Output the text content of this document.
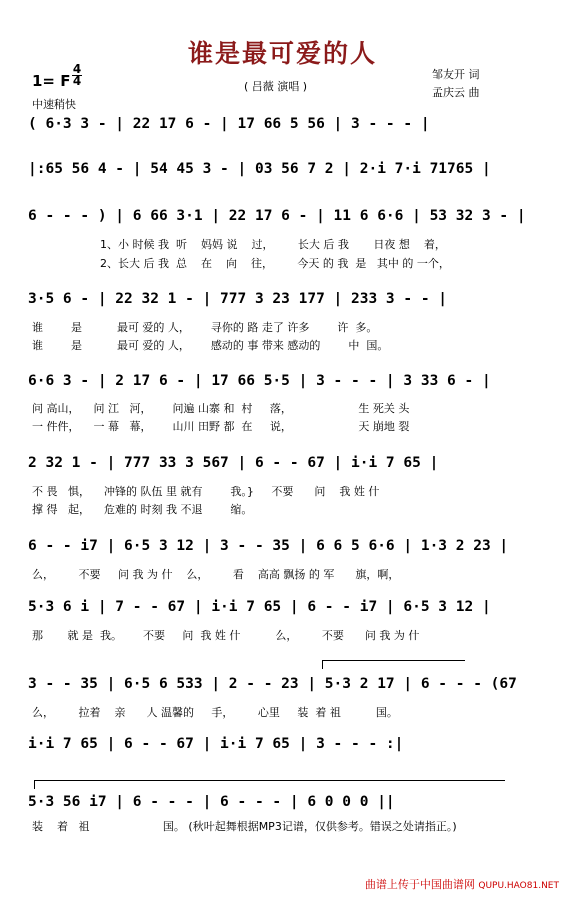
谁是最可爱的人
( 吕薇 演唱 )
邹友开 词
孟庆云 曲
1= F
4
4
中速稍快
( 6·3 3 - | 22 17 6 - | 17 66 5 56 | 3 - - - |
|:65 56 4 - | 54 45 3 - | 03 56 7 2 | 2·i 7·i 71765 |
6 - - - ) | 6 66 3·1 | 22 17 6 - | 11 6 6·6 | 53 32 3 - |
1、小 时候 我  听    妈妈 说    过，       长大 后 我       日夜 想    着，
2、长大 后 我  总    在    向    往，       今天 的 我  是   其中 的 一个，
3·5 6 - | 22 32 1 - | 777 3 23 177 | 233 3 - - |
谁        是          最可 爱的 人，      寻你的 路 走了 许多        许  多。
谁        是          最可 爱的 人，      感动的 事 带来 感动的        中  国。
6·6 3 - | 2 17 6 - | 17 66 5·5 | 3 - - - | 3 33 6 - |
问 高山，    问 江   河，      问遍 山寨 和  村     落，                   生 死关 头
一 件件，    一 幕   幕，      山川 田野 都  在     说，                   天 崩地 裂
2 32 1 - | 777 33 3 567 | 6 - - 67 | i·i 7 65 |
不 畏   惧，    冲锋的 队伍 里 就有        我。}     不要      问    我 姓 什
撑 得   起，    危难的 时刻 我 不退        缩。
6 - - i7 | 6·5 3 12 | 3 - - 35 | 6 6 5 6·6 | 1·3 2 23 |
么，       不要     问 我 为 什    么，       看    高高 飘扬 的 军      旗，啊，
5·3 6 i | 7 - - 67 | i·i 7 65 | 6 - - i7 | 6·5 3 12 |
那       就 是  我。      不要     问  我 姓 什          么，       不要      问 我 为 什
3 - - 35 | 6·5 6 533 | 2 - - 23 | 5·3 2 17 | 6 - - - (67
么，       拉着    亲      人 温馨的     手，       心里     装  着 祖          国。
i·i 7 65 | 6 - - 67 | i·i 7 65 | 3 - - - :|
5·3 56 i7 | 6 - - - | 6 - - - | 6 0 0 0 ||
装    着   祖                     国。 (秋叶起舞根据MP3记谱，仅供参考。错误之处请指正。)
曲谱上传于中国曲谱网 QUPU.HAO81.NET
